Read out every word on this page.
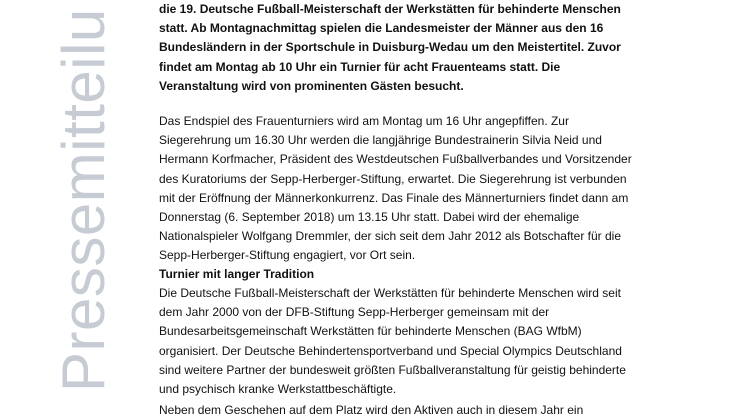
Pressemitteilu	die 19. Deutsche Fußball-Meisterschaft der Werkstätten für behinderte Menschen
statt. Ab Montagnachmittag spielen die Landesmeister der Männer aus den 16
Bundesländern in der Sportschule in Duisburg-Wedau um den Meistertitel. Zuvor
findet am Montag ab 10 Uhr ein Turnier für acht Frauenteams statt. Die
Veranstaltung wird von prominenten Gästen besucht.
Das Endspiel des Frauenturniers wird am Montag um 16 Uhr angepfiffen. Zur
Siegerehrung um 16.30 Uhr werden die langjährige Bundestrainerin Silvia Neid und
Hermann Korfmacher, Präsident des Westdeutschen Fußballverbandes und Vorsitzender
des Kuratoriums der Sepp-Herberger-Stiftung, erwartet. Die Siegerehrung ist verbunden
mit der Eröffnung der Männerkonkurrenz. Das Finale des Männerturniers findet dann am
Donnerstag (6. September 2018) um 13.15 Uhr statt. Dabei wird der ehemalige
Nationalspieler Wolfgang Dremmler, der sich seit dem Jahr 2012 als Botschafter für die
Sepp-Herberger-Stiftung engagiert, vor Ort sein.
Turnier mit langer Tradition
Die Deutsche Fußball-Meisterschaft der Werkstätten für behinderte Menschen wird seit
dem Jahr 2000 von der DFB-Stiftung Sepp-Herberger gemeinsam mit der
Bundesarbeitsgemeinschaft Werkstätten für behinderte Menschen (BAG WfbM)
organisiert. Der Deutsche Behindertensportverband und Special Olympics Deutschland
sind weitere Partner der bundesweit größten Fußballveranstaltung für geistig behinderte
und psychisch kranke Werkstattbeschäftigte.
Neben dem Geschehen auf dem Platz wird den Aktiven auch in diesem Jahr ein
